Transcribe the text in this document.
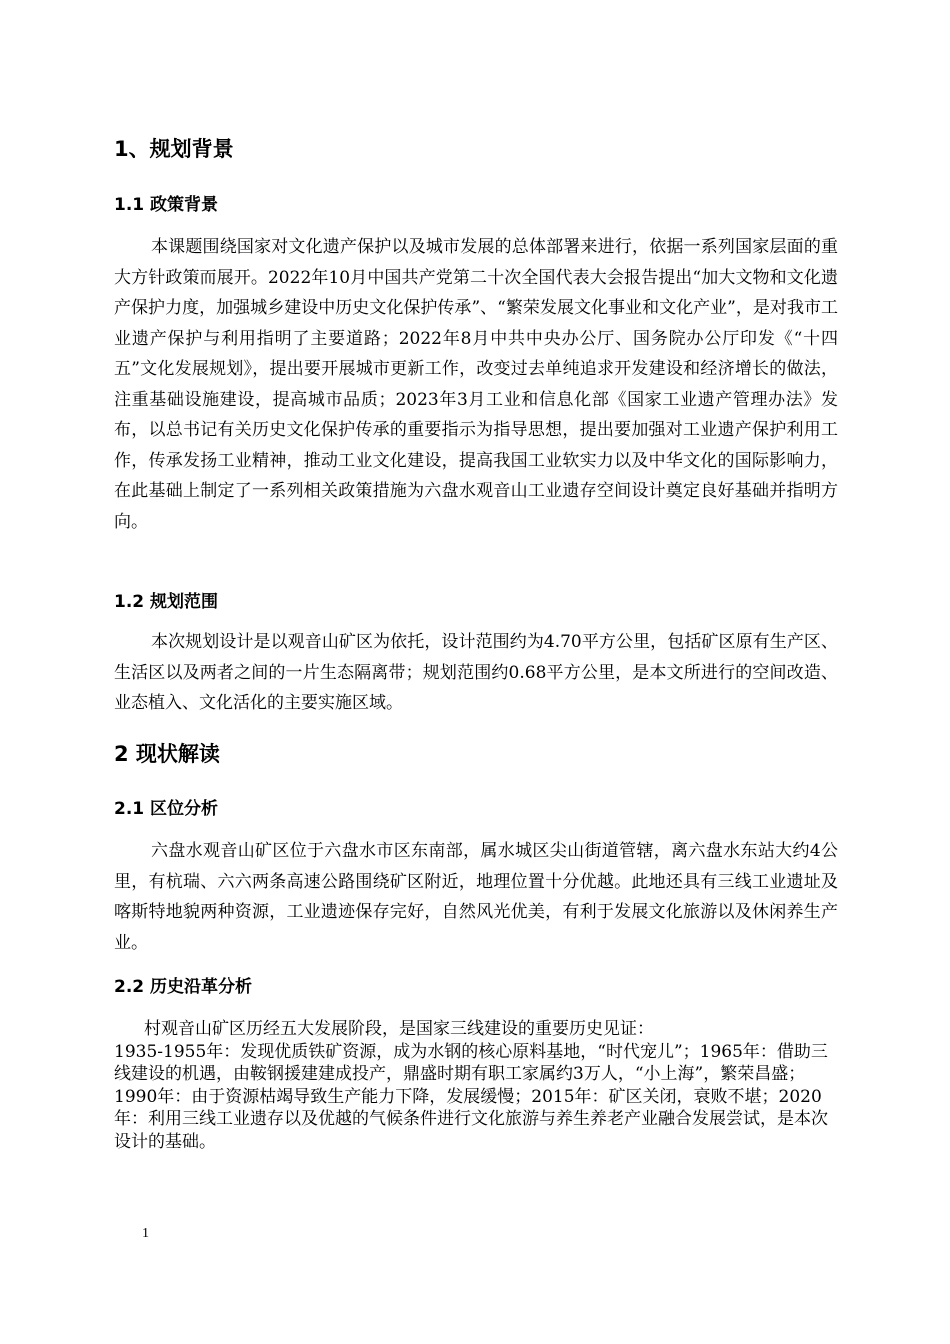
1、规划背景
1.1 政策背景

本课题围绕国家对文化遗产保护以及城市发展的总体部署来进行，依据一系列国家层面的重大方针政策而展开。2022年10月中国共产党第二十次全国代表大会报告提出“加大文物和文化遗产保护力度，加强城乡建设中历史文化保护传承”、“繁荣发展文化事业和文化产业”，是对我市工业遗产保护与利用指明了主要道路；2022年8月中共中央办公厅、国务院办公厅印发《“十四五”文化发展规划》，提出要开展城市更新工作，改变过去单纯追求开发建设和经济增长的做法，注重基础设施建设，提高城市品质；2023年3月工业和信息化部《国家工业遗产管理办法》发布，以总书记有关历史文化保护传承的重要指示为指导思想，提出要加强对工业遗产保护利用工作，传承发扬工业精神，推动工业文化建设，提高我国工业软实力以及中华文化的国际影响力，在此基础上制定了一系列相关政策措施为六盘水观音山工业遗存空间设计奠定良好基础并指明方向。

1.2 规划范围

本次规划设计是以观音山矿区为依托，设计范围约为4.70平方公里，包括矿区原有生产区、生活区以及两者之间的一片生态隔离带；规划范围约0.68平方公里，是本文所进行的空间改造、业态植入、文化活化的主要实施区域。

2 现状解读
2.1 区位分析

六盘水观音山矿区位于六盘水市区东南部，属水城区尖山街道管辖，离六盘水东站大约4公里，有杭瑞、六六两条高速公路围绕矿区附近，地理位置十分优越。此地还具有三线工业遗址及喀斯特地貌两种资源，工业遗迹保存完好，自然风光优美，有利于发展文化旅游以及休闲养生产业。

2.2 历史沿革分析
村观音山矿区历经五大发展阶段，是国家三线建设的重要历史见证：
1935-1955年：发现优质铁矿资源，成为水钢的核心原料基地，“时代宠儿”；1965年：借助三线建设的机遇，由鞍钢援建建成投产，鼎盛时期有职工家属约3万人，“小上海”，繁荣昌盛；1990年：由于资源枯竭导致生产能力下降，发展缓慢；2015年：矿区关闭，衰败不堪；2020年：利用三线工业遗存以及优越的气候条件进行文化旅游与养生养老产业融合发展尝试，是本次设计的基础。
1
